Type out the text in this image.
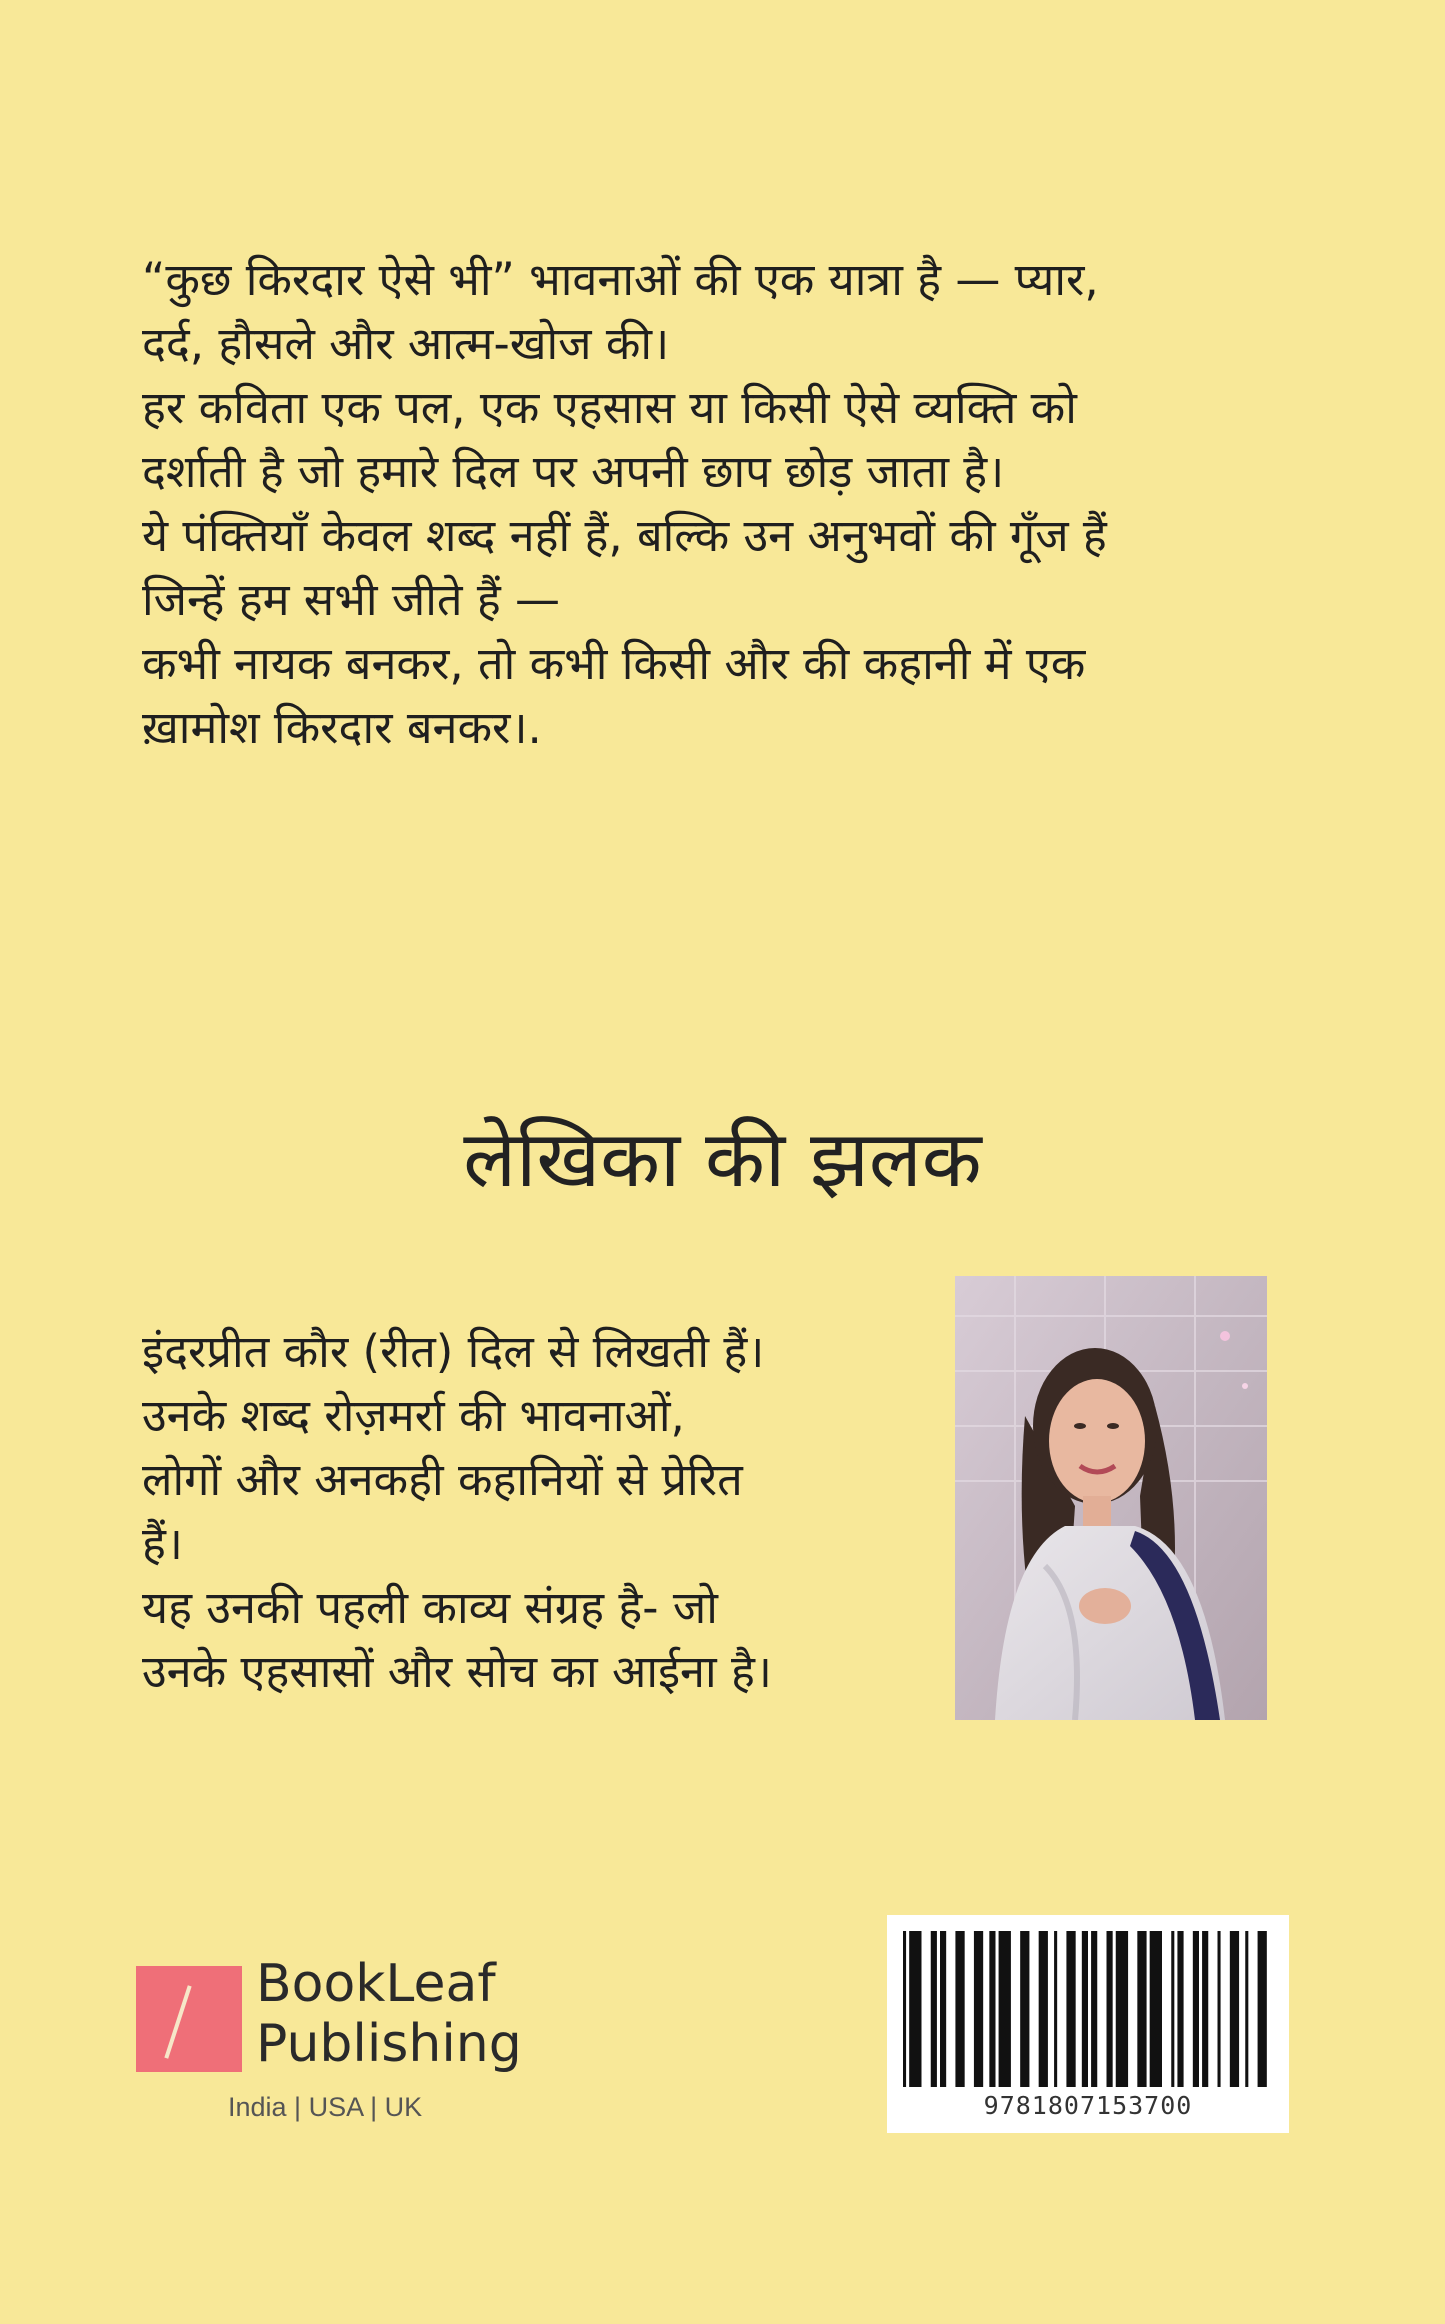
“कुछ किरदार ऐसे भी” भावनाओं की एक यात्रा है — प्यार,
दर्द, हौसले और आत्म-खोज की।
हर कविता एक पल, एक एहसास या किसी ऐसे व्यक्ति को
दर्शाती है जो हमारे दिल पर अपनी छाप छोड़ जाता है।
ये पंक्तियाँ केवल शब्द नहीं हैं, बल्कि उन अनुभवों की गूँज हैं
जिन्हें हम सभी जीते हैं —
कभी नायक बनकर, तो कभी किसी और की कहानी में एक
ख़ामोश किरदार बनकर।.
लेखिका की झलक
इंदरप्रीत कौर (रीत) दिल से लिखती हैं।
उनके शब्द रोज़मर्रा की भावनाओं,
लोगों और अनकही कहानियों से प्रेरित
हैं।
यह उनकी पहली काव्य संग्रह है- जो
उनके एहसासों और सोच का आईना है।
BookLeaf
Publishing
India | USA | UK	9781807153700
